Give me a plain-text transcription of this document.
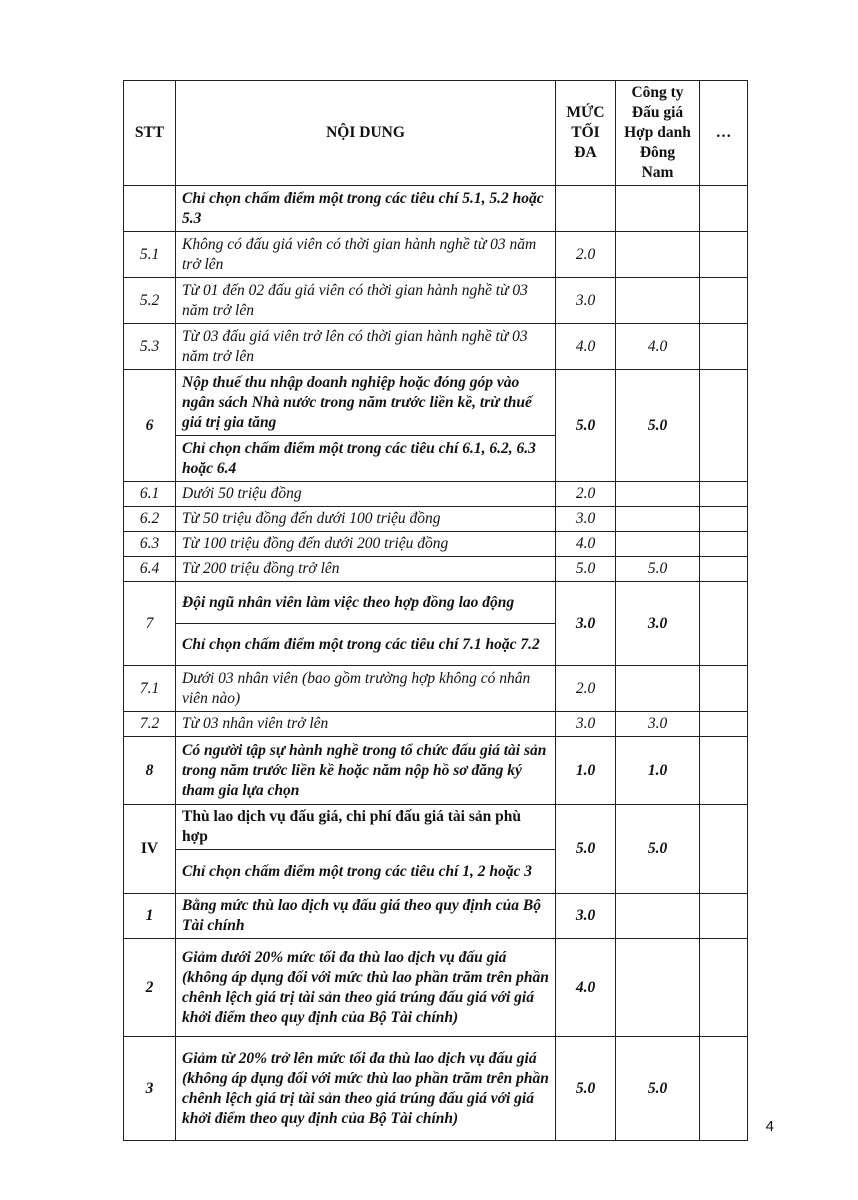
STT	NỘI DUNG	MỨC TỐI ĐA	Công ty Đấu giá Hợp danh Đông Nam	…
	Chỉ chọn chấm điểm một trong các tiêu chí 5.1, 5.2 hoặc 5.3			
5.1	Không có đấu giá viên có thời gian hành nghề từ 03 năm trở lên	2.0		
5.2	Từ 01 đến 02 đấu giá viên có thời gian hành nghề từ 03 năm trở lên	3.0		
5.3	Từ 03 đấu giá viên trở lên có thời gian hành nghề từ 03 năm trở lên	4.0	4.0	
6	Nộp thuế thu nhập doanh nghiệp hoặc đóng góp vào ngân sách Nhà nước trong năm trước liền kề, trừ thuế giá trị gia tăng	5.0	5.0	
	Chỉ chọn chấm điểm một trong các tiêu chí 6.1, 6.2, 6.3 hoặc 6.4			
6.1	Dưới 50 triệu đồng	2.0		
6.2	Từ 50 triệu đồng đến dưới 100 triệu đồng	3.0		
6.3	Từ 100 triệu đồng đến dưới 200 triệu đồng	4.0		
6.4	Từ 200 triệu đồng trở lên	5.0	5.0	
7	Đội ngũ nhân viên làm việc theo hợp đồng lao động	3.0	3.0	
	Chỉ chọn chấm điểm một trong các tiêu chí 7.1 hoặc 7.2			
7.1	Dưới 03 nhân viên (bao gồm trường hợp không có nhân viên nào)	2.0		
7.2	Từ 03 nhân viên trở lên	3.0	3.0	
8	Có người tập sự hành nghề trong tổ chức đấu giá tài sản trong năm trước liền kề hoặc năm nộp hồ sơ đăng ký tham gia lựa chọn	1.0	1.0	
IV	Thù lao dịch vụ đấu giá, chi phí đấu giá tài sản phù hợp	5.0	5.0	
	Chỉ chọn chấm điểm một trong các tiêu chí 1, 2 hoặc 3			
1	Bằng mức thù lao dịch vụ đấu giá theo quy định của Bộ Tài chính	3.0		
2	Giảm dưới 20% mức tối đa thù lao dịch vụ đấu giá (không áp dụng đối với mức thù lao phần trăm trên phần chênh lệch giá trị tài sản theo giá trúng đấu giá với giá khởi điểm theo quy định của Bộ Tài chính)	4.0		
3	Giảm từ 20% trở lên mức tối đa thù lao dịch vụ đấu giá (không áp dụng đối với mức thù lao phần trăm trên phần chênh lệch giá trị tài sản theo giá trúng đấu giá với giá khởi điểm theo quy định của Bộ Tài chính)	5.0	5.0	
4
